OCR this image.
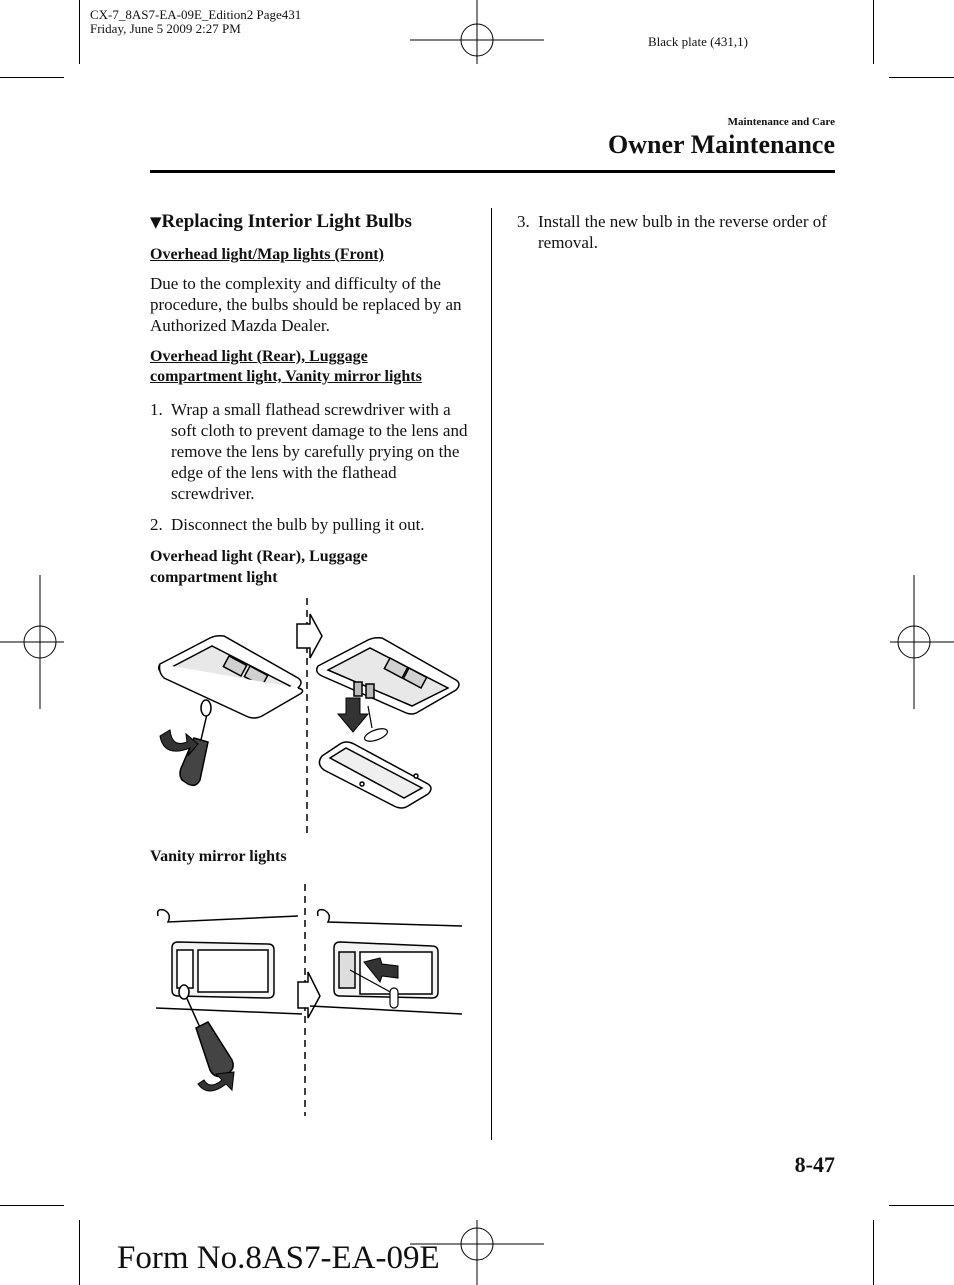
CX-7_8AS7-EA-09E_Edition2 Page431
Friday, June 5 2009 2:27 PM
Black plate (431,1)
Maintenance and Care
Owner Maintenance
▼Replacing Interior Light Bulbs
Overhead light/Map lights (Front)
Due to the complexity and difficulty of the procedure, the bulbs should be replaced by an Authorized Mazda Dealer.
Overhead light (Rear), Luggage
compartment light, Vanity mirror lights
1. Wrap a small flathead screwdriver with a soft cloth to prevent damage to the lens and remove the lens by carefully prying on the edge of the lens with the flathead screwdriver.
2. Disconnect the bulb by pulling it out.
Overhead light (Rear), Luggage
compartment light
Vanity mirror lights
3. Install the new bulb in the reverse order of removal.
8-47
Form No.8AS7-EA-09E
